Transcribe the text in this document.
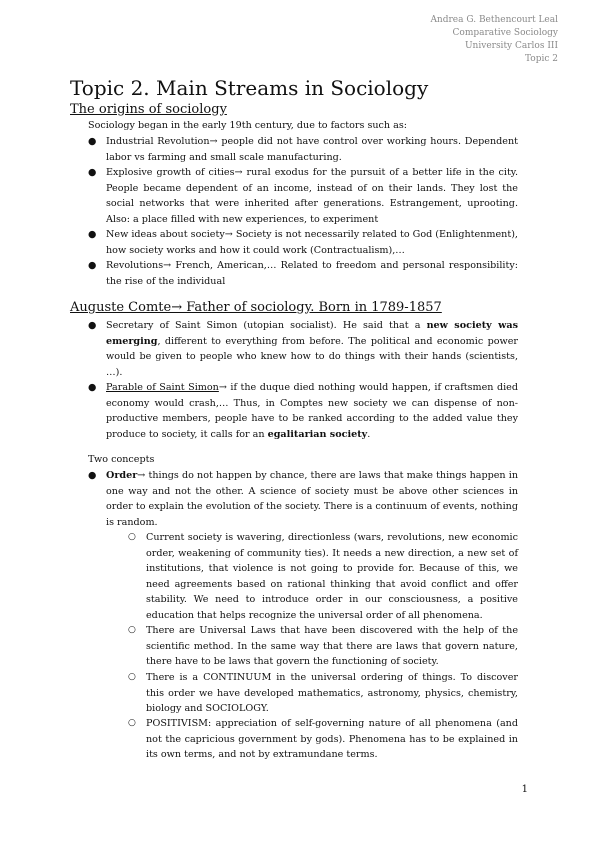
Andrea G. Bethencourt Leal
Comparative Sociology
University Carlos III
Topic 2
Topic 2. Main Streams in Sociology
The origins of sociology

Sociology began in the early 19th century, due to factors such as:

● Industrial Revolution→ people did not have control over working hours. Dependent labor vs farming and small scale manufacturing.
● Explosive growth of cities→ rural exodus for the pursuit of a better life in the city. People became dependent of an income, instead of on their lands. They lost the social networks that were inherited after generations. Estrangement, uprooting. Also: a place filled with new experiences, to experiment
● New ideas about society→ Society is not necessarily related to God (Enlightenment), how society works and how it could work (Contractualism),…
● Revolutions→ French, American,… Related to freedom and personal responsibility: the rise of the individual
Auguste Comte→ Father of sociology. Born in 1789-1857
● Secretary of Saint Simon (utopian socialist). He said that a new society was emerging, different to everything from before. The political and economic power would be given to people who knew how to do things with their hands (scientists, …).
● Parable of Saint Simon→ if the duque died nothing would happen, if craftsmen died economy would crash,… Thus, in Comptes new society we can dispense of non-productive members, people have to be ranked according to the added value they produce to society, it calls for an egalitarian society.

Two concepts

● Order→ things do not happen by chance, there are laws that make things happen in one way and not the other. A science of society must be above other sciences in order to explain the evolution of the society. There is a continuum of events, nothing is random.
○ Current society is wavering, directionless (wars, revolutions, new economic order, weakening of community ties). It needs a new direction, a new set of institutions, that violence is not going to provide for. Because of this, we need agreements based on rational thinking that avoid conflict and offer stability. We need to introduce order in our consciousness, a positive education that helps recognize the universal order of all phenomena.
○ There are Universal Laws that have been discovered with the help of the scientific method. In the same way that there are laws that govern nature, there have to be laws that govern the functioning of society.
○ There is a CONTINUUM in the universal ordering of things. To discover this order we have developed mathematics, astronomy, physics, chemistry, biology and SOCIOLOGY.
○ POSITIVISM: appreciation of self-governing nature of all phenomena (and not the capricious government by gods). Phenomena has to be explained in its own terms, and not by extramundane terms.
1
